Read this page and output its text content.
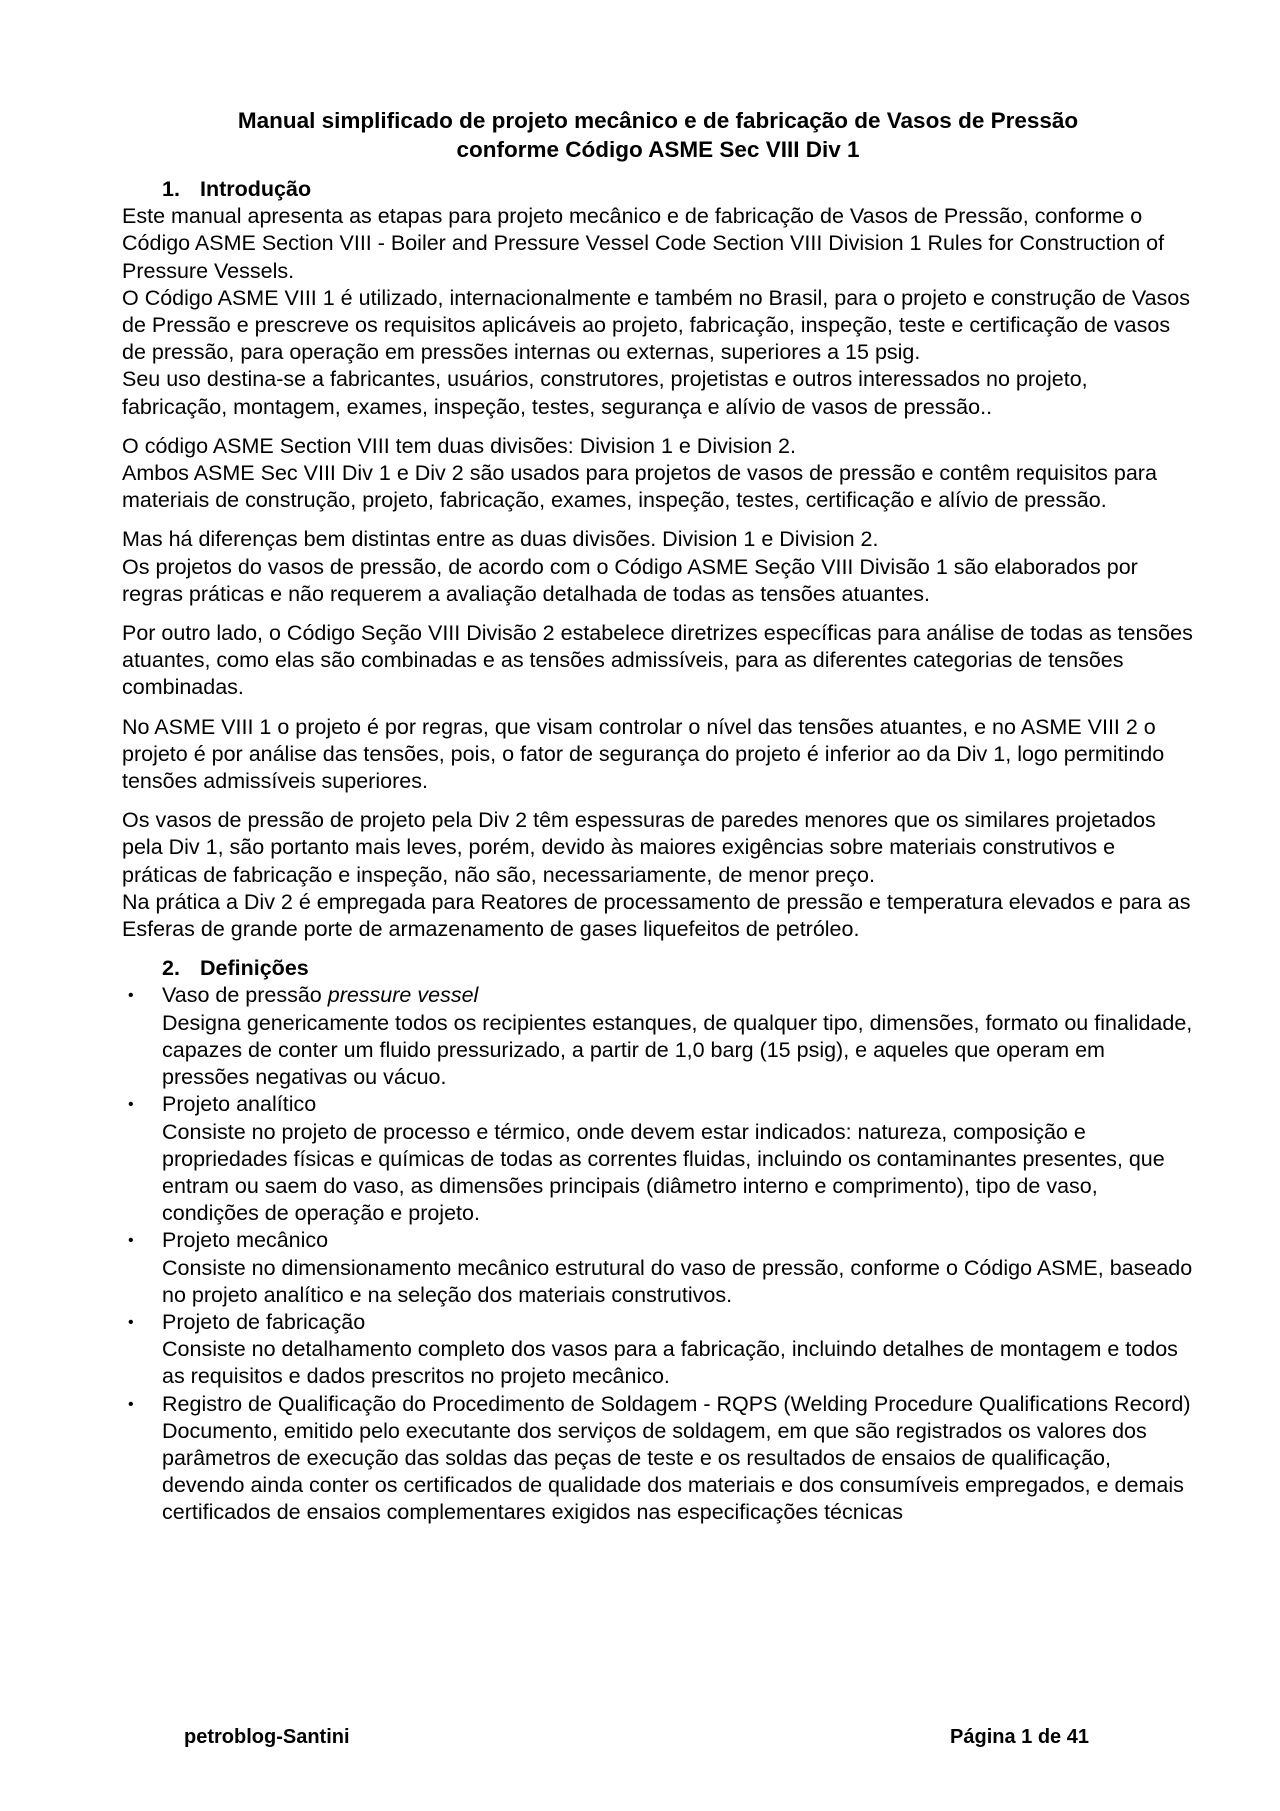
Manual simplificado de projeto mecânico e de fabricação de Vasos de Pressão
conforme Código ASME Sec VIII Div 1
1. Introdução

Este manual apresenta as etapas para projeto mecânico e de fabricação de Vasos de Pressão, conforme o Código ASME Section VIII - Boiler and Pressure Vessel Code Section VIII Division 1 Rules for Construction of Pressure Vessels.

O Código ASME VIII 1 é utilizado, internacionalmente e também no Brasil, para o projeto e construção de Vasos de Pressão e prescreve os requisitos aplicáveis ao projeto, fabricação, inspeção, teste e certificação de vasos de pressão, para operação em pressões internas ou externas, superiores a 15 psig.

Seu uso destina-se a fabricantes, usuários, construtores, projetistas e outros interessados no projeto, fabricação, montagem, exames, inspeção, testes, segurança e alívio de vasos de pressão..

O código ASME Section VIII tem duas divisões: Division 1 e Division 2.

Ambos ASME Sec VIII Div 1 e Div 2 são usados para projetos de vasos de pressão e contêm requisitos para materiais de construção, projeto, fabricação, exames, inspeção, testes, certificação e alívio de pressão.

Mas há diferenças bem distintas entre as duas divisões. Division 1 e Division 2.

Os projetos do vasos de pressão, de acordo com o Código ASME Seção VIII Divisão 1 são elaborados por regras práticas e não requerem a avaliação detalhada de todas as tensões atuantes.

Por outro lado, o Código Seção VIII Divisão 2 estabelece diretrizes específicas para análise de todas as tensões atuantes, como elas são combinadas e as tensões admissíveis, para as diferentes categorias de tensões combinadas.

No ASME VIII 1 o projeto é por regras, que visam controlar o nível das tensões atuantes, e no ASME VIII 2 o projeto é por análise das tensões, pois, o fator de segurança do projeto é inferior ao da Div 1, logo permitindo tensões admissíveis superiores.

Os vasos de pressão de projeto pela Div 2 têm espessuras de paredes menores que os similares projetados pela Div 1, são portanto mais leves, porém, devido às maiores exigências sobre materiais construtivos e práticas de fabricação e inspeção, não são, necessariamente, de menor preço.

Na prática a Div 2 é empregada para Reatores de processamento de pressão e temperatura elevados e para as Esferas de grande porte de armazenamento de gases liquefeitos de petróleo.

2. Definições
• Vaso de pressão pressure vessel
Designa genericamente todos os recipientes estanques, de qualquer tipo, dimensões, formato ou finalidade, capazes de conter um fluido pressurizado, a partir de 1,0 barg (15 psig), e aqueles que operam em pressões negativas ou vácuo.
• Projeto analítico
Consiste no projeto de processo e térmico, onde devem estar indicados: natureza, composição e propriedades físicas e químicas de todas as correntes fluidas, incluindo os contaminantes presentes, que entram ou saem do vaso, as dimensões principais (diâmetro interno e comprimento), tipo de vaso, condições de operação e projeto.
• Projeto mecânico
Consiste no dimensionamento mecânico estrutural do vaso de pressão, conforme o Código ASME, baseado no projeto analítico e na seleção dos materiais construtivos.
• Projeto de fabricação
Consiste no detalhamento completo dos vasos para a fabricação, incluindo detalhes de montagem e todos as requisitos e dados prescritos no projeto mecânico.
• Registro de Qualificação do Procedimento de Soldagem - RQPS (Welding Procedure Qualifications Record)
Documento, emitido pelo executante dos serviços de soldagem, em que são registrados os valores dos parâmetros de execução das soldas das peças de teste e os resultados de ensaios de qualificação, devendo ainda conter os certificados de qualidade dos materiais e dos consumíveis empregados, e demais certificados de ensaios complementares exigidos nas especificações técnicas
petroblog-Santini	Página 1 de 41
